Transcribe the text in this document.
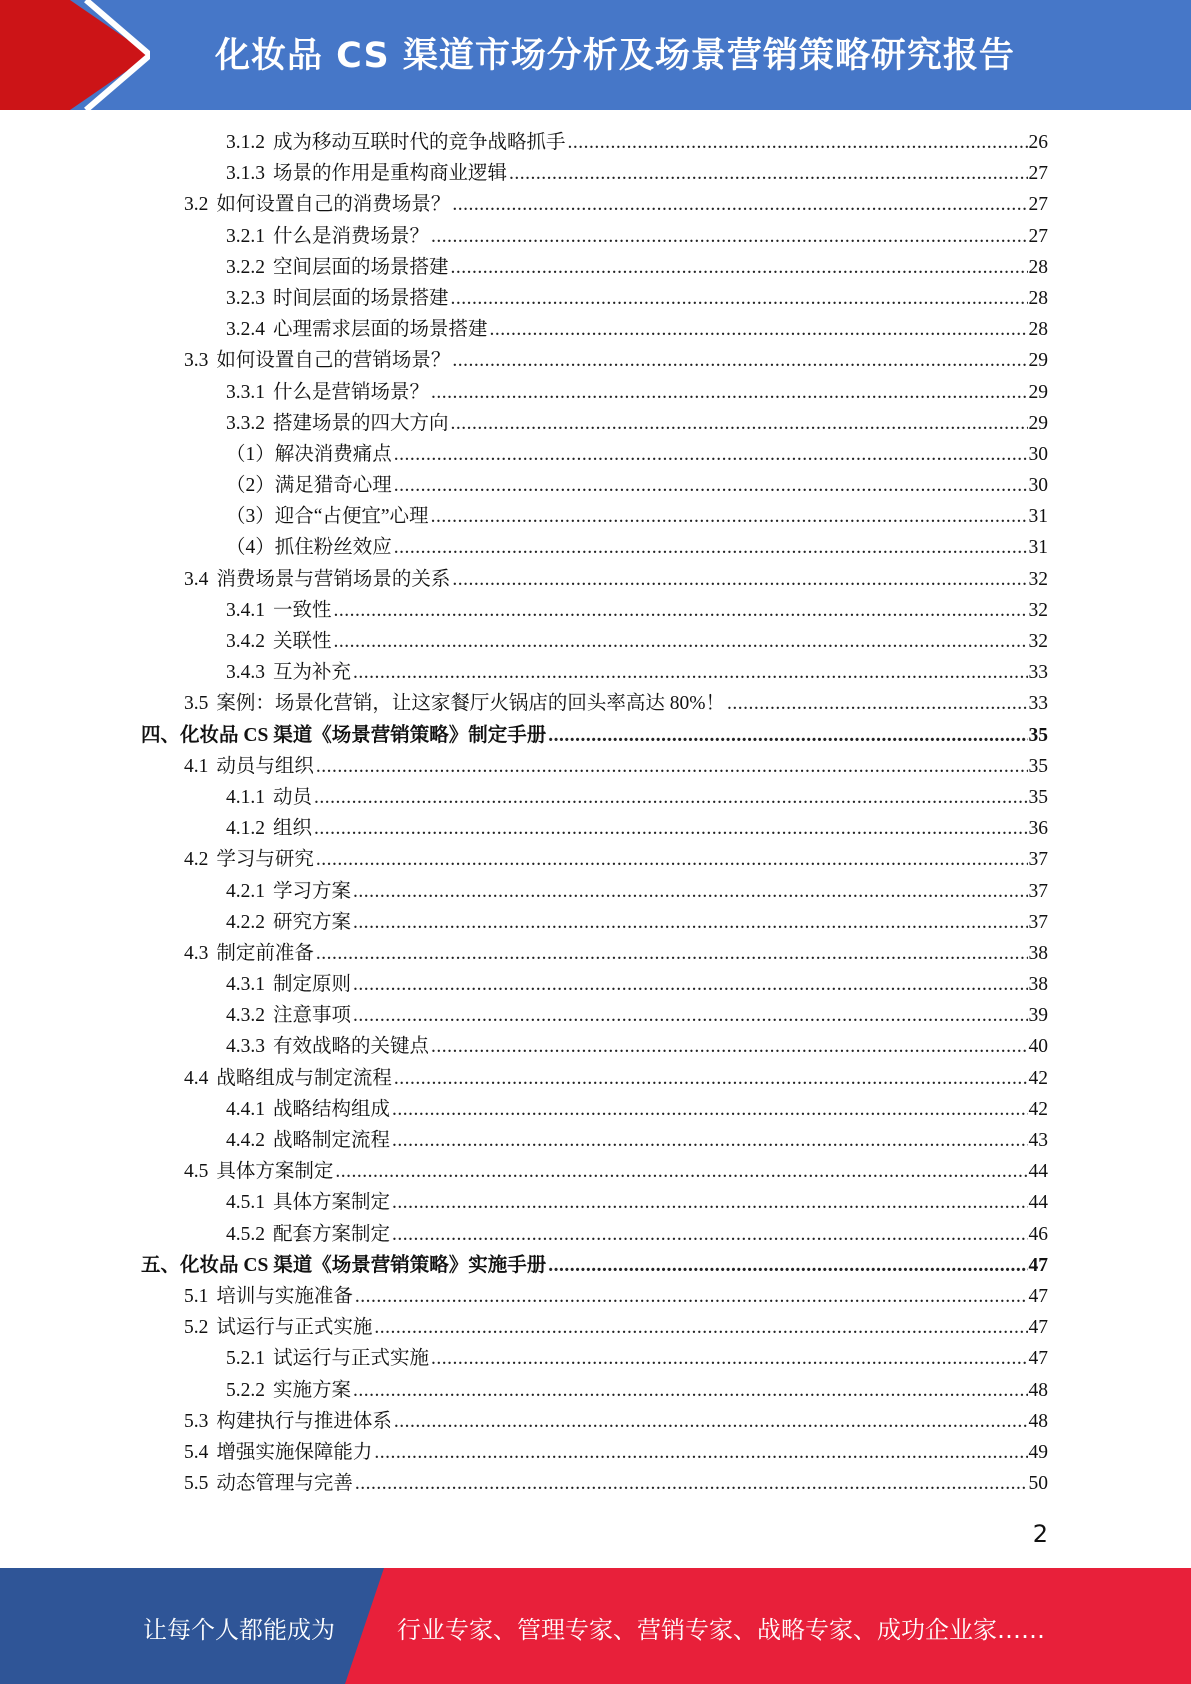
化妆品 CS 渠道市场分析及场景营销策略研究报告
3.1.2 成为移动互联时代的竞争战略抓手 .....	26
3.1.3 场景的作用是重构商业逻辑 .....	27
3.2 如何设置自己的消费场景？ .....	27
3.2.1 什么是消费场景？ .....	27
3.2.2 空间层面的场景搭建 .....	28
3.2.3 时间层面的场景搭建 .....	28
3.2.4 心理需求层面的场景搭建 .....	28
3.3 如何设置自己的营销场景？ .....	29
3.3.1 什么是营销场景？ .....	29
3.3.2 搭建场景的四大方向 .....	29
（1）解决消费痛点 .....	30
（2）满足猎奇心理 .....	30
（3）迎合“占便宜”心理 .....	31
（4）抓住粉丝效应 .....	31
3.4 消费场景与营销场景的关系 .....	32
3.4.1 一致性 .....	32
3.4.2 关联性 .....	32
3.4.3 互为补充 .....	33
3.5 案例：场景化营销，让这家餐厅火锅店的回头率高达 80%！ .....	33
四、 化妆品 CS 渠道《场景营销策略》制定手册 .....	35
4.1 动员与组织 .....	35
4.1.1 动员 .....	35
4.1.2 组织 .....	36
4.2 学习与研究 .....	37
4.2.1 学习方案 .....	37
4.2.2 研究方案 .....	37
4.3 制定前准备 .....	38
4.3.1 制定原则 .....	38
4.3.2 注意事项 .....	39
4.3.3 有效战略的关键点 .....	40
4.4 战略组成与制定流程 .....	42
4.4.1 战略结构组成 .....	42
4.4.2 战略制定流程 .....	43
4.5 具体方案制定 .....	44
4.5.1 具体方案制定 .....	44
4.5.2 配套方案制定 .....	46
五、 化妆品 CS 渠道《场景营销策略》实施手册 .....	47
5.1 培训与实施准备 .....	47
5.2 试运行与正式实施 .....	47
5.2.1 试运行与正式实施 .....	47
5.2.2 实施方案 .....	48
5.3 构建执行与推进体系 .....	48
5.4 增强实施保障能力 .....	49
5.5 动态管理与完善 .....	50
2
让每个人都能成为	行业专家、管理专家、营销专家、战略专家、成功企业家……
